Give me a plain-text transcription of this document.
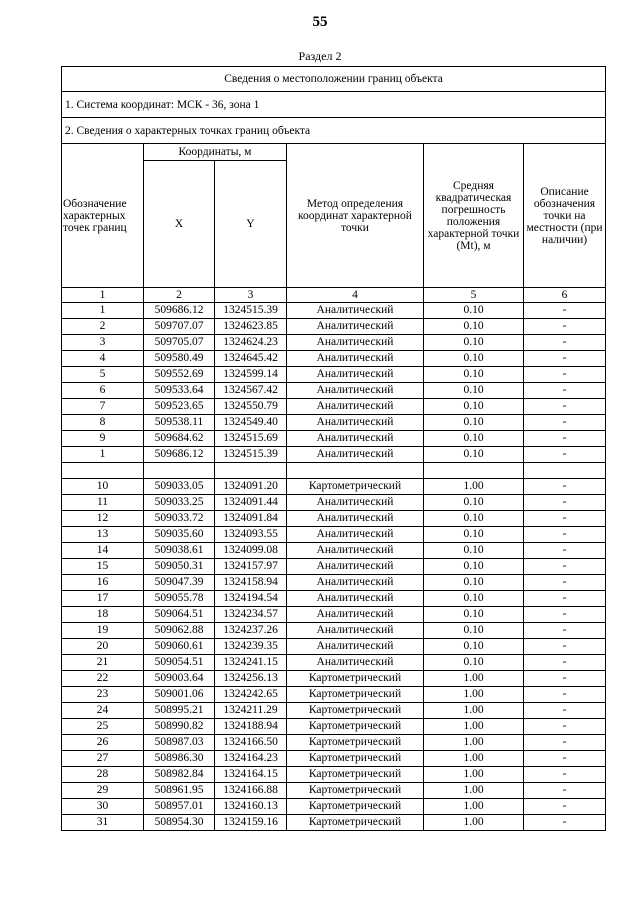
55
Раздел 2
Сведения о местоположении границ объекта					
1. Система координат: МСК - 36, зона 1					
2. Сведения о характерных точках границ объекта					
Обозначение характерных точек границ	Координаты, м		Метод определения координат характерной точки	Средняя квадратическая погрешность положения характерной точки (Mt), м	Описание обозначения точки на местности (при наличии)
	X	Y			
1	2	3	4	5	6
1	509686.12	1324515.39	Аналитический	0.10	-
2	509707.07	1324623.85	Аналитический	0.10	-
3	509705.07	1324624.23	Аналитический	0.10	-
4	509580.49	1324645.42	Аналитический	0.10	-
5	509552.69	1324599.14	Аналитический	0.10	-
6	509533.64	1324567.42	Аналитический	0.10	-
7	509523.65	1324550.79	Аналитический	0.10	-
8	509538.11	1324549.40	Аналитический	0.10	-
9	509684.62	1324515.69	Аналитический	0.10	-
1	509686.12	1324515.39	Аналитический	0.10	-

10	509033.05	1324091.20	Картометрический	1.00	-
11	509033.25	1324091.44	Аналитический	0.10	-
12	509033.72	1324091.84	Аналитический	0.10	-
13	509035.60	1324093.55	Аналитический	0.10	-
14	509038.61	1324099.08	Аналитический	0.10	-
15	509050.31	1324157.97	Аналитический	0.10	-
16	509047.39	1324158.94	Аналитический	0.10	-
17	509055.78	1324194.54	Аналитический	0.10	-
18	509064.51	1324234.57	Аналитический	0.10	-
19	509062.88	1324237.26	Аналитический	0.10	-
20	509060.61	1324239.35	Аналитический	0.10	-
21	509054.51	1324241.15	Аналитический	0.10	-
22	509003.64	1324256.13	Картометрический	1.00	-
23	509001.06	1324242.65	Картометрический	1.00	-
24	508995.21	1324211.29	Картометрический	1.00	-
25	508990.82	1324188.94	Картометрический	1.00	-
26	508987.03	1324166.50	Картометрический	1.00	-
27	508986.30	1324164.23	Картометрический	1.00	-
28	508982.84	1324164.15	Картометрический	1.00	-
29	508961.95	1324166.88	Картометрический	1.00	-
30	508957.01	1324160.13	Картометрический	1.00	-
31	508954.30	1324159.16	Картометрический	1.00	-
